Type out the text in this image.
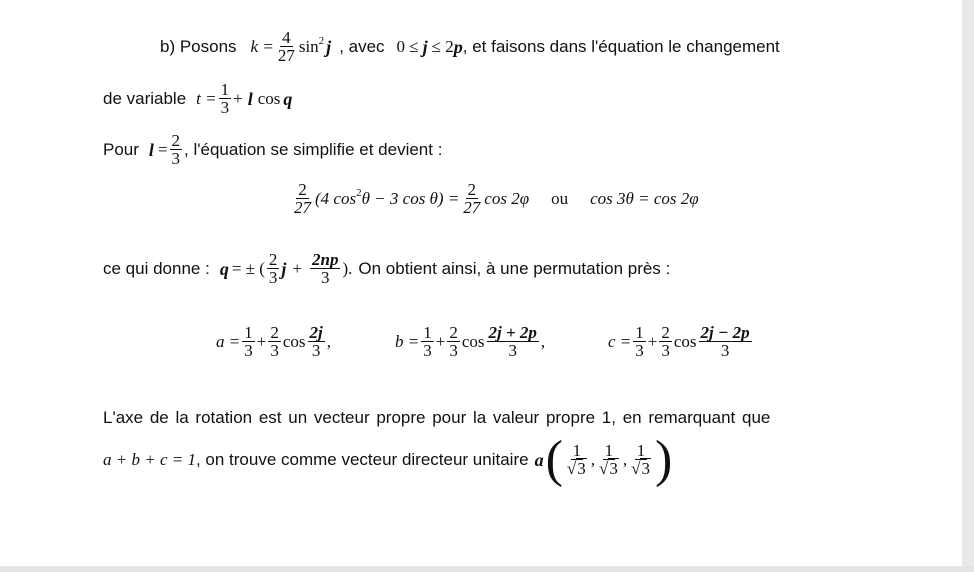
b) Posons $k = \frac{4}{27}$ sin 2 j , avec 0 ≤ j ≤ 2 p , et faisons dans l'équation le changement
de variable $t = \frac{1}{3} + l$ cos q
Pour $l = \frac{2}{3}$ , l'équation se simplifie et devient :
$\frac{2}{27} (4$ cos 2 θ − 3 $\cos \theta) = \frac{2}{27}$ cos 2φ ou cos 3θ = cos 2φ
ce qui donne : q = ± ( $\frac{2}{3}$ $j + \frac{2np}{3}$ ). On obtient ainsi, à une permutation près :
$a = \frac{1}{3} + \frac{2}{3}$ $\cos \frac{2j}{3}$ ,	$b = \frac{1}{3} + \frac{2}{3}$ $\cos \frac{2j + 2p}{3}$ ,	$c = \frac{1}{3} + \frac{2}{3}$ $\cos \frac{2j - 2p}{3}$
L'axe de la rotation est un vecteur propre pour la valeur propre 1, en remarquant que
a + b + c = 1 , on trouve comme vecteur directeur unitaire a ( $\frac{1}{√3}$ , $\frac{1}{√3}$ , $\frac{1}{√3}$ )
